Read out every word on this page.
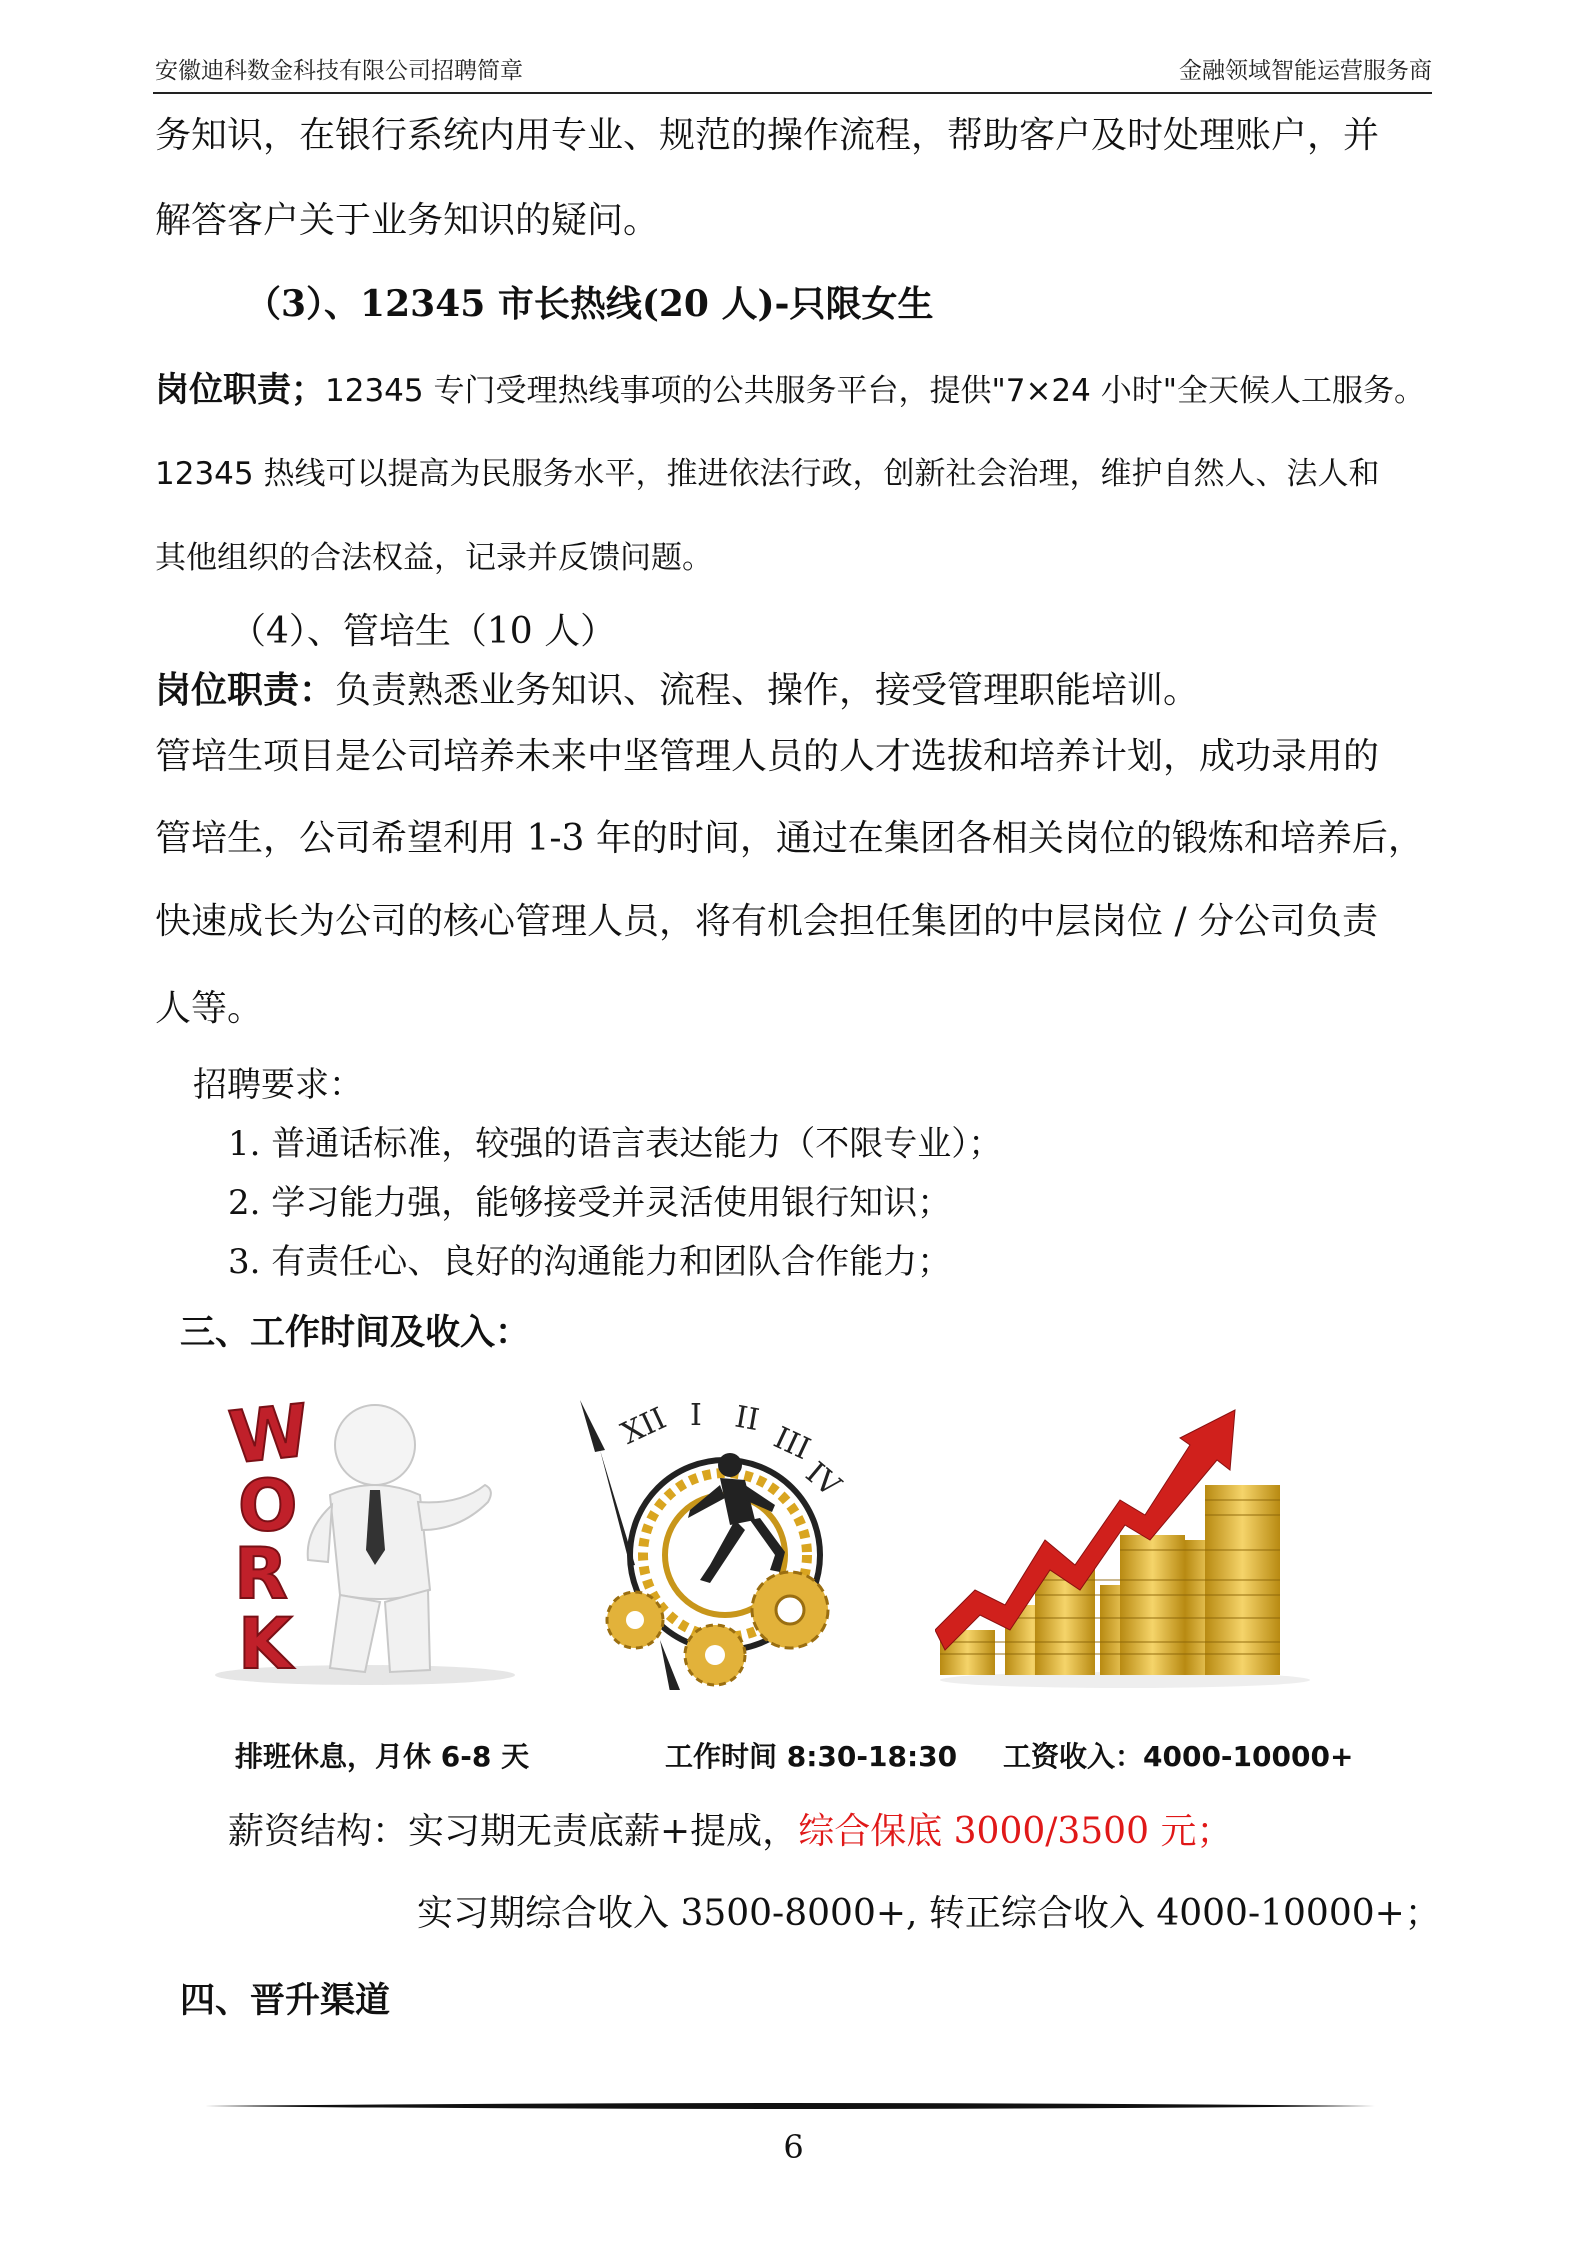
安徽迪科数金科技有限公司招聘简章	金融领域智能运营服务商
务知识，在银行系统内用专业、规范的操作流程，帮助客户及时处理账户，并
解答客户关于业务知识的疑问。
（3）、12345 市长热线(20 人)-只限女生
岗位职责；12345 专门受理热线事项的公共服务平台，提供"7×24 小时"全天候人工服务。
12345 热线可以提高为民服务水平，推进依法行政，创新社会治理，维护自然人、法人和
其他组织的合法权益，记录并反馈问题。
（4）、管培生（10 人）
岗位职责：负责熟悉业务知识、流程、操作，接受管理职能培训。
管培生项目是公司培养未来中坚管理人员的人才选拔和培养计划，成功录用的
管培生，公司希望利用 1-3 年的时间，通过在集团各相关岗位的锻炼和培养后，
快速成长为公司的核心管理人员，将有机会担任集团的中层岗位 / 分公司负责
人等。
招聘要求：
1. 普通话标准，较强的语言表达能力（不限专业）；
2. 学习能力强，能够接受并灵活使用银行知识；
3. 有责任心、良好的沟通能力和团队合作能力；
三、工作时间及收入：
W
O
R
K
XII I II
III
IV
排班休息，月休 6-8 天	工作时间 8:30-18:30 工资收入：4000-10000+
薪资结构：实习期无责底薪+提成，综合保底 3000/3500 元；
实习期综合收入 3500-8000+, 转正综合收入 4000-10000+；
四、晋升渠道
6
